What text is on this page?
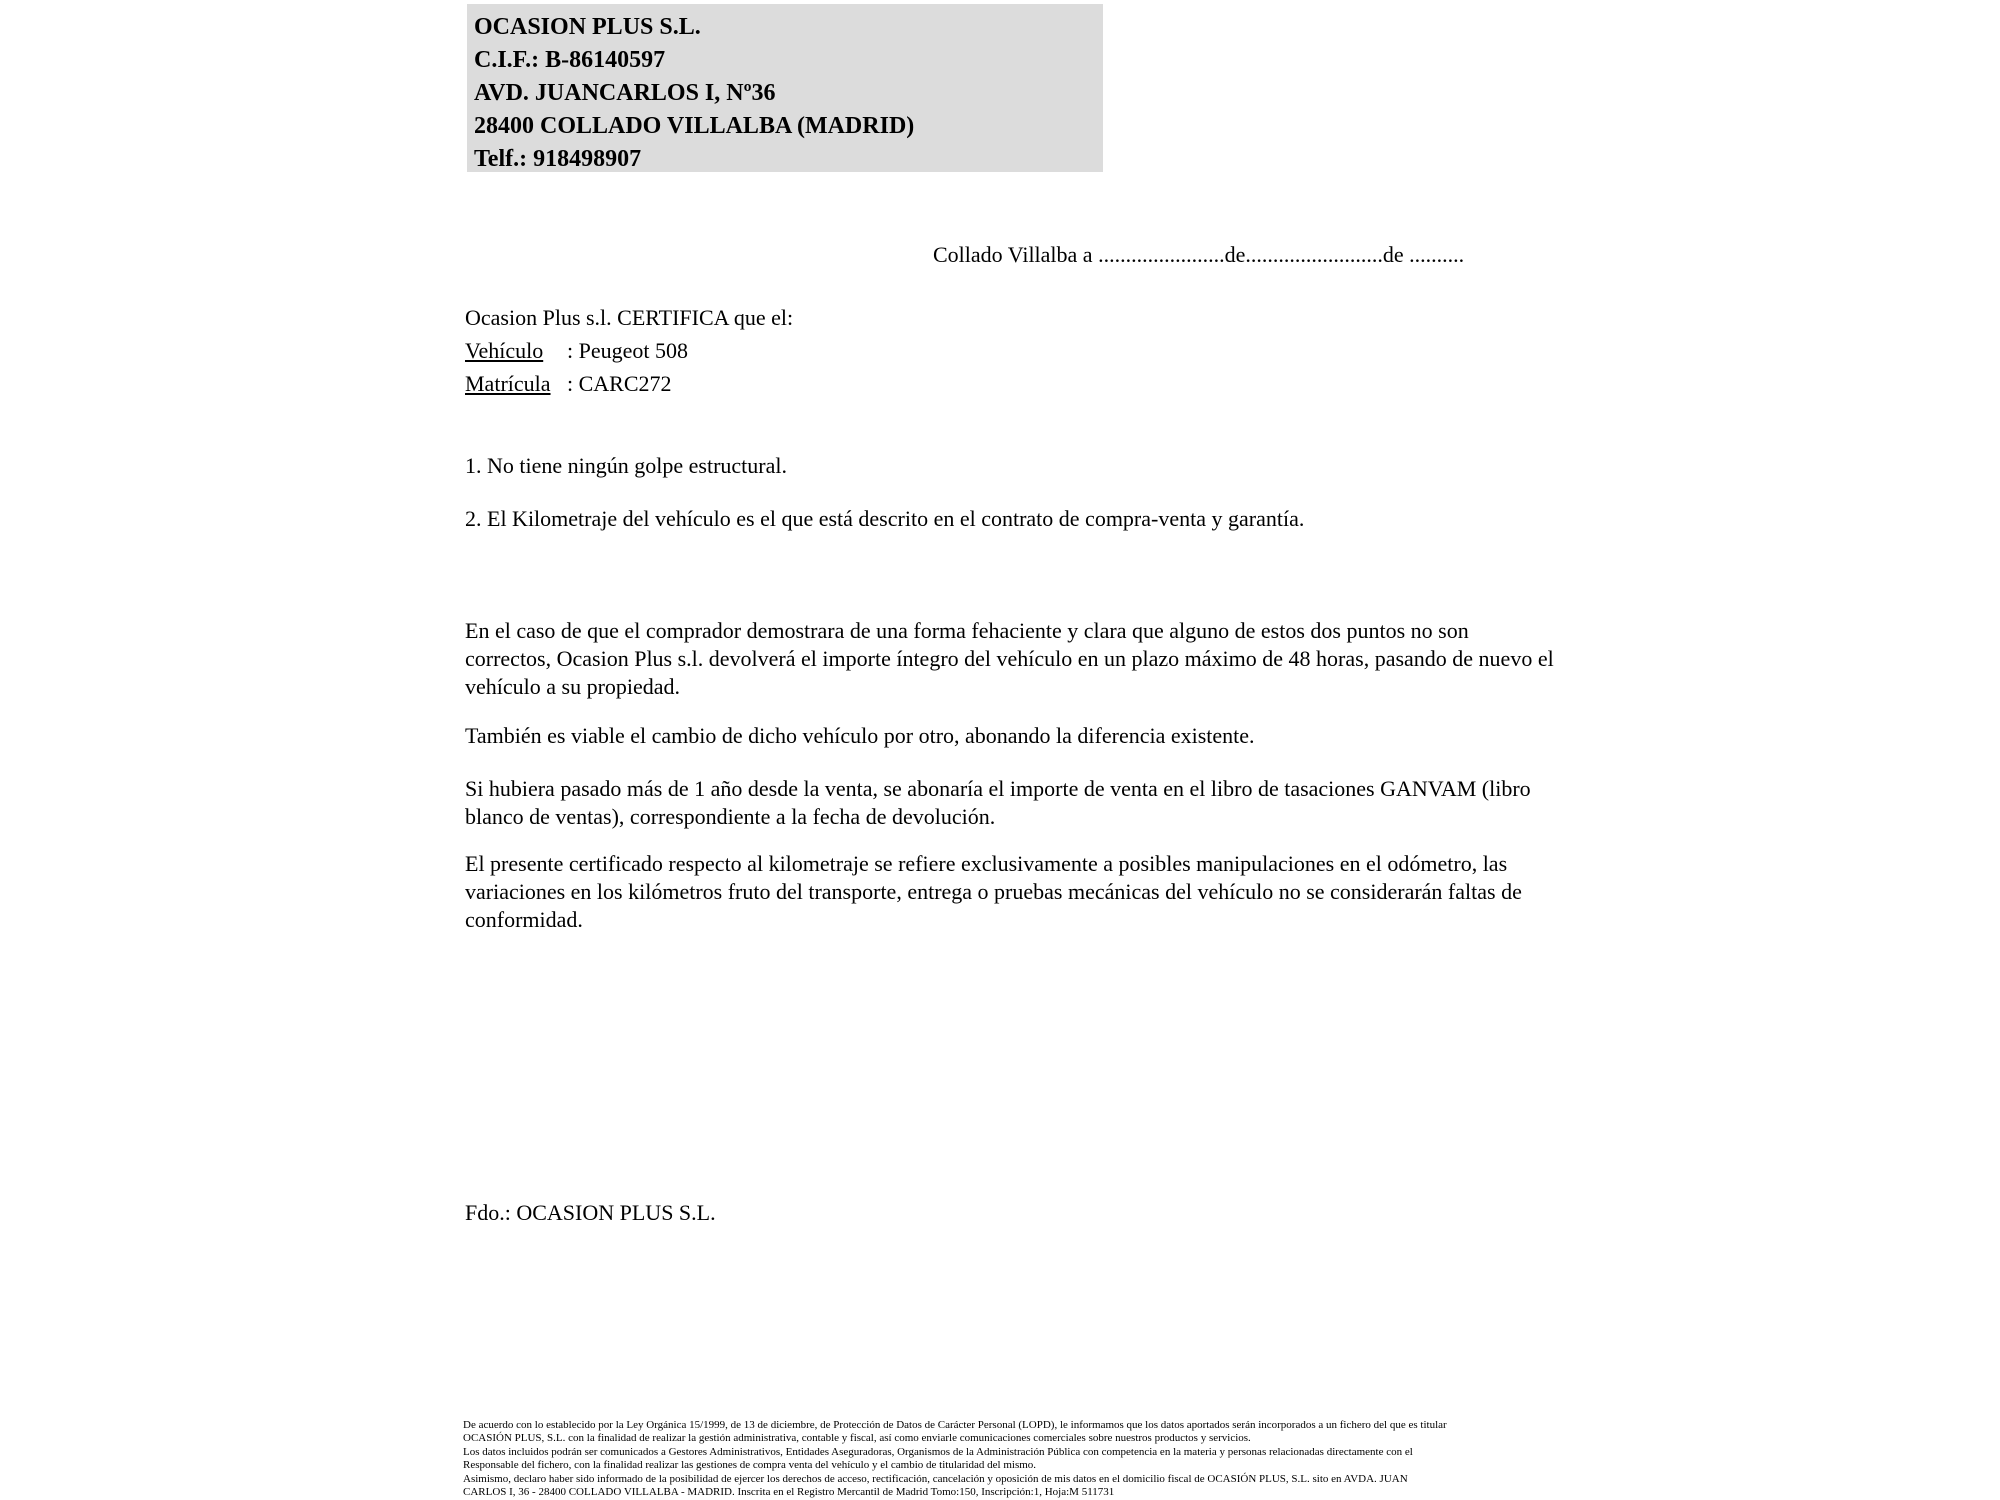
OCASION PLUS S.L.
C.I.F.: B-86140597
AVD. JUANCARLOS I, Nº36
28400 COLLADO VILLALBA (MADRID)
Telf.: 918498907
Collado Villalba a .......................de.........................de ..........
Ocasion Plus s.l. CERTIFICA que el:
Vehículo : Peugeot 508
Matrícula : CARC272
1. No tiene ningún golpe estructural.
2. El Kilometraje del vehículo es el que está descrito en el contrato de compra-venta y garantía.
En el caso de que el comprador demostrara de una forma fehaciente y clara que alguno de estos dos puntos no son correctos, Ocasion Plus s.l. devolverá el importe íntegro del vehículo en un plazo máximo de 48 horas, pasando de nuevo el vehículo a su propiedad.
También es viable el cambio de dicho vehículo por otro, abonando la diferencia existente.
Si hubiera pasado más de 1 año desde la venta, se abonaría el importe de venta en el libro de tasaciones GANVAM (libro blanco de ventas), correspondiente a la fecha de devolución.
El presente certificado respecto al kilometraje se refiere exclusivamente a posibles manipulaciones en el odómetro, las variaciones en los kilómetros fruto del transporte, entrega o pruebas mecánicas del vehículo no se considerarán faltas de conformidad.
Fdo.: OCASION PLUS S.L.
De acuerdo con lo establecido por la Ley Orgánica 15/1999, de 13 de diciembre, de Protección de Datos de Carácter Personal (LOPD), le informamos que los datos aportados serán incorporados a un fichero del que es titular
OCASIÓN PLUS, S.L. con la finalidad de realizar la gestión administrativa, contable y fiscal, así como enviarle comunicaciones comerciales sobre nuestros productos y servicios.
Los datos incluidos podrán ser comunicados a Gestores Administrativos, Entidades Aseguradoras, Organismos de la Administración Pública con competencia en la materia y personas relacionadas directamente con el
Responsable del fichero, con la finalidad realizar las gestiones de compra venta del vehículo y el cambio de titularidad del mismo.
Asimismo, declaro haber sido informado de la posibilidad de ejercer los derechos de acceso, rectificación, cancelación y oposición de mis datos en el domicilio fiscal de OCASIÓN PLUS, S.L. sito en AVDA. JUAN
CARLOS I, 36 - 28400 COLLADO VILLALBA - MADRID. Inscrita en el Registro Mercantil de Madrid Tomo:150, Inscripción:1, Hoja:M 511731
